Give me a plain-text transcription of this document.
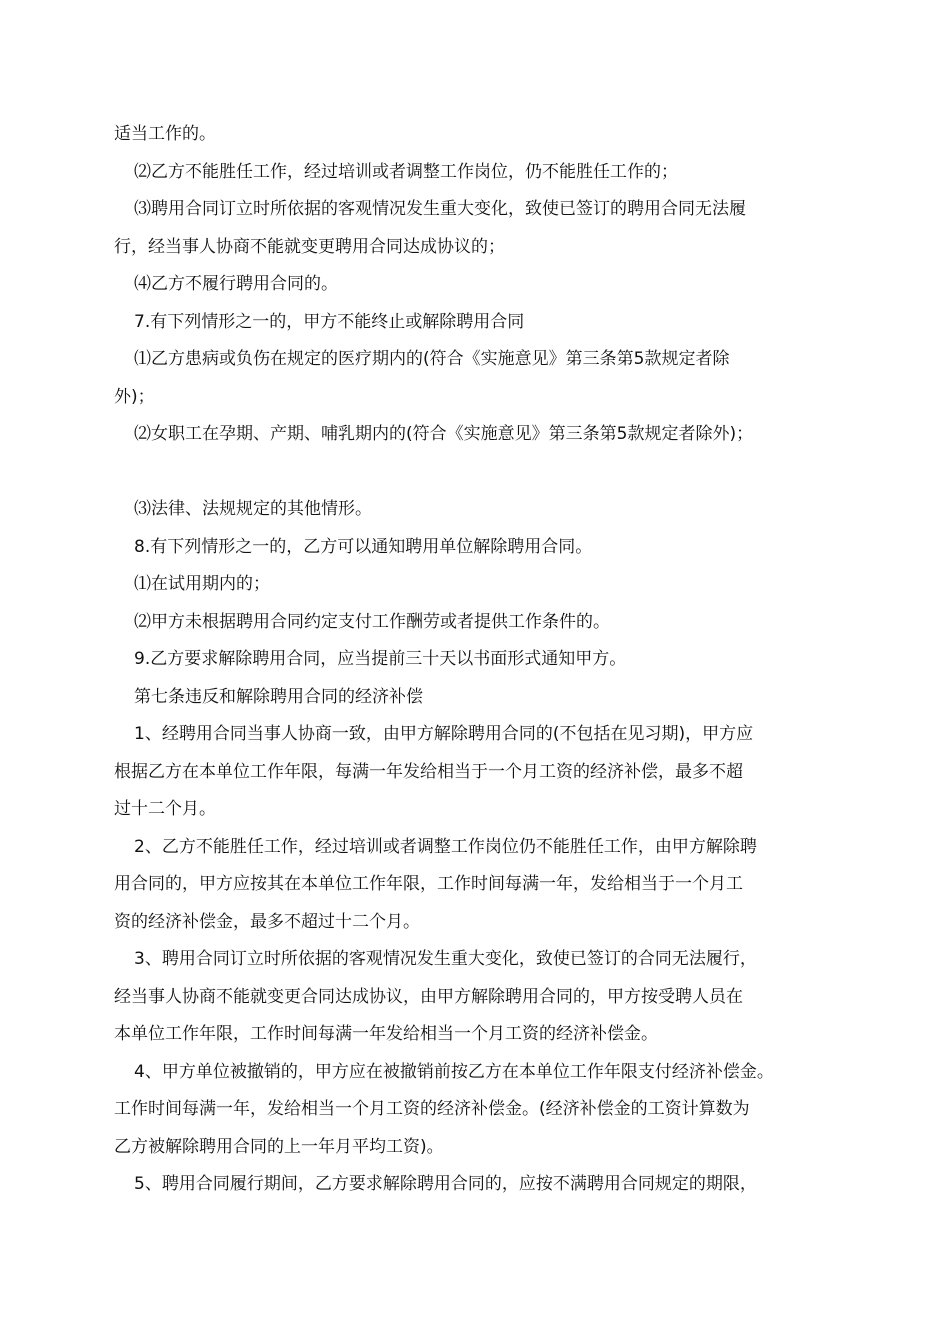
适当工作的。
⑵乙方不能胜任工作，经过培训或者调整工作岗位，仍不能胜任工作的；
⑶聘用合同订立时所依据的客观情况发生重大变化，致使已签订的聘用合同无法履
行，经当事人协商不能就变更聘用合同达成协议的；
⑷乙方不履行聘用合同的。
7.有下列情形之一的，甲方不能终止或解除聘用合同
⑴乙方患病或负伤在规定的医疗期内的(符合《实施意见》第三条第5款规定者除
外)；
⑵女职工在孕期、产期、哺乳期内的(符合《实施意见》第三条第5款规定者除外)；
⑶法律、法规规定的其他情形。
8.有下列情形之一的，乙方可以通知聘用单位解除聘用合同。
⑴在试用期内的；
⑵甲方未根据聘用合同约定支付工作酬劳或者提供工作条件的。
9.乙方要求解除聘用合同，应当提前三十天以书面形式通知甲方。
第七条违反和解除聘用合同的经济补偿
1、经聘用合同当事人协商一致，由甲方解除聘用合同的(不包括在见习期)，甲方应
根据乙方在本单位工作年限，每满一年发给相当于一个月工资的经济补偿，最多不超
过十二个月。
2、乙方不能胜任工作，经过培训或者调整工作岗位仍不能胜任工作，由甲方解除聘
用合同的，甲方应按其在本单位工作年限，工作时间每满一年，发给相当于一个月工
资的经济补偿金，最多不超过十二个月。
3、聘用合同订立时所依据的客观情况发生重大变化，致使已签订的合同无法履行，
经当事人协商不能就变更合同达成协议，由甲方解除聘用合同的，甲方按受聘人员在
本单位工作年限，工作时间每满一年发给相当一个月工资的经济补偿金。
4、甲方单位被撤销的，甲方应在被撤销前按乙方在本单位工作年限支付经济补偿金。
工作时间每满一年，发给相当一个月工资的经济补偿金。(经济补偿金的工资计算数为
乙方被解除聘用合同的上一年月平均工资)。
5、聘用合同履行期间，乙方要求解除聘用合同的，应按不满聘用合同规定的期限，
